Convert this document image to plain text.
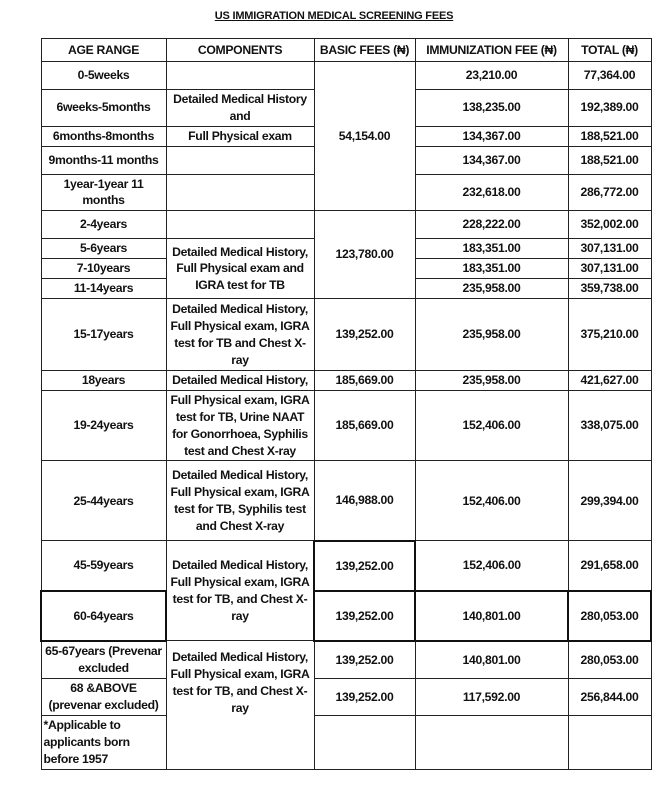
US IMMIGRATION MEDICAL SCREENING FEES
AGE RANGE	COMPONENTS	BASIC FEES (₦)	IMMUNIZATION FEE (₦)	TOTAL (₦)
0-5weeks		54,154.00	23,210.00	77,364.00
6weeks-5months	Detailed Medical History and		138,235.00	192,389.00
6months-8months	Full Physical exam		134,367.00	188,521.00
9months-11 months			134,367.00	188,521.00
1year-1year 11 months			232,618.00	286,772.00
2-4years		123,780.00	228,222.00	352,002.00
5-6years	Detailed Medical History, Full Physical exam and IGRA test for TB		183,351.00	307,131.00
7-10years			183,351.00	307,131.00
11-14years			235,958.00	359,738.00
15-17years	Detailed Medical History, Full Physical exam, IGRA test for TB and Chest X-ray	139,252.00	235,958.00	375,210.00
18years	Detailed Medical History,	185,669.00	235,958.00	421,627.00
19-24years	Full Physical exam, IGRA test for TB, Urine NAAT for Gonorrhoea, Syphilis test and Chest X-ray	185,669.00	152,406.00	338,075.00
25-44years	Detailed Medical History, Full Physical exam, IGRA test for TB, Syphilis test and Chest X-ray	146,988.00	152,406.00	299,394.00
45-59years	Detailed Medical History, Full Physical exam, IGRA test for TB, and Chest X-ray	139,252.00	152,406.00	291,658.00
60-64years		139,252.00	140,801.00	280,053.00
65-67years (Prevenar excluded	Detailed Medical History, Full Physical exam, IGRA test for TB, and Chest X-ray	139,252.00	140,801.00	280,053.00
68 &ABOVE (prevenar excluded)		139,252.00	117,592.00	256,844.00
*Applicable to applicants born before 1957				
